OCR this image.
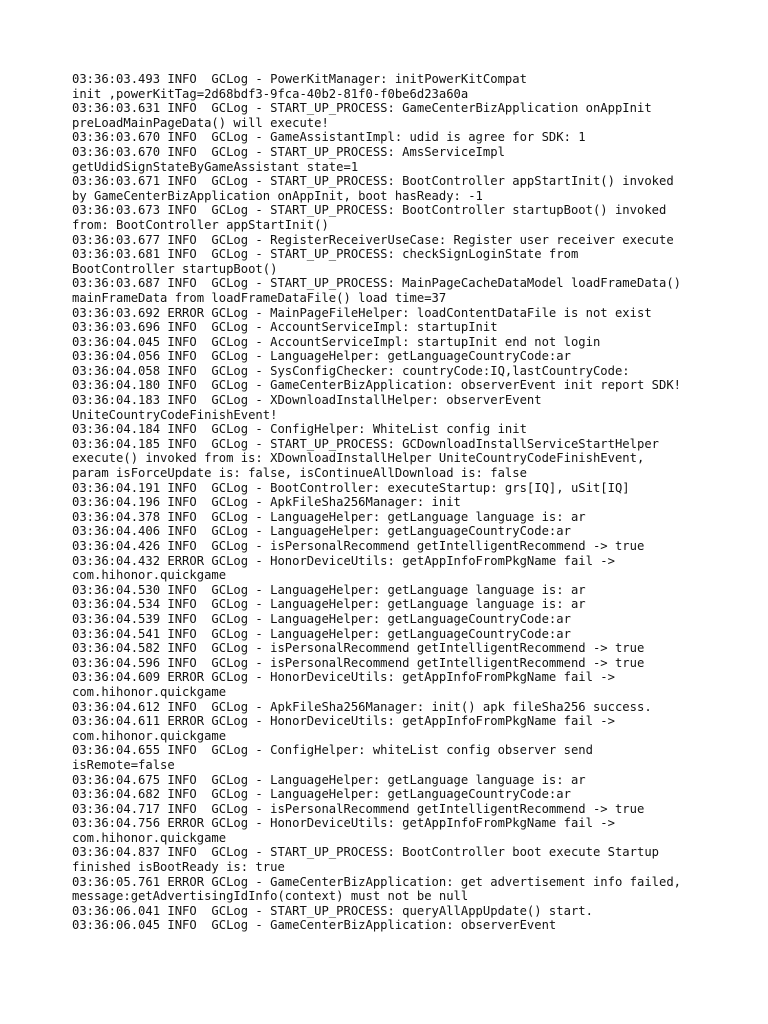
03:36:03.493 INFO  GCLog - PowerKitManager: initPowerKitCompat
init ,powerKitTag=2d68bdf3-9fca-40b2-81f0-f0be6d23a60a
03:36:03.631 INFO  GCLog - START_UP_PROCESS: GameCenterBizApplication onAppInit
preLoadMainPageData() will execute!
03:36:03.670 INFO  GCLog - GameAssistantImpl: udid is agree for SDK: 1
03:36:03.670 INFO  GCLog - START_UP_PROCESS: AmsServiceImpl
getUdidSignStateByGameAssistant state=1
03:36:03.671 INFO  GCLog - START_UP_PROCESS: BootController appStartInit() invoked
by GameCenterBizApplication onAppInit, boot hasReady: -1
03:36:03.673 INFO  GCLog - START_UP_PROCESS: BootController startupBoot() invoked
from: BootController appStartInit()
03:36:03.677 INFO  GCLog - RegisterReceiverUseCase: Register user receiver execute
03:36:03.681 INFO  GCLog - START_UP_PROCESS: checkSignLoginState from
BootController startupBoot()
03:36:03.687 INFO  GCLog - START_UP_PROCESS: MainPageCacheDataModel loadFrameData()
mainFrameData from loadFrameDataFile() load time=37
03:36:03.692 ERROR GCLog - MainPageFileHelper: loadContentDataFile is not exist
03:36:03.696 INFO  GCLog - AccountServiceImpl: startupInit
03:36:04.045 INFO  GCLog - AccountServiceImpl: startupInit end not login
03:36:04.056 INFO  GCLog - LanguageHelper: getLanguageCountryCode:ar
03:36:04.058 INFO  GCLog - SysConfigChecker: countryCode:IQ,lastCountryCode:
03:36:04.180 INFO  GCLog - GameCenterBizApplication: observerEvent init report SDK!
03:36:04.183 INFO  GCLog - XDownloadInstallHelper: observerEvent
UniteCountryCodeFinishEvent!
03:36:04.184 INFO  GCLog - ConfigHelper: WhiteList config init
03:36:04.185 INFO  GCLog - START_UP_PROCESS: GCDownloadInstallServiceStartHelper
execute() invoked from is: XDownloadInstallHelper UniteCountryCodeFinishEvent,
param isForceUpdate is: false, isContinueAllDownload is: false
03:36:04.191 INFO  GCLog - BootController: executeStartup: grs[IQ], uSit[IQ]
03:36:04.196 INFO  GCLog - ApkFileSha256Manager: init
03:36:04.378 INFO  GCLog - LanguageHelper: getLanguage language is: ar
03:36:04.406 INFO  GCLog - LanguageHelper: getLanguageCountryCode:ar
03:36:04.426 INFO  GCLog - isPersonalRecommend getIntelligentRecommend -> true
03:36:04.432 ERROR GCLog - HonorDeviceUtils: getAppInfoFromPkgName fail ->
com.hihonor.quickgame
03:36:04.530 INFO  GCLog - LanguageHelper: getLanguage language is: ar
03:36:04.534 INFO  GCLog - LanguageHelper: getLanguage language is: ar
03:36:04.539 INFO  GCLog - LanguageHelper: getLanguageCountryCode:ar
03:36:04.541 INFO  GCLog - LanguageHelper: getLanguageCountryCode:ar
03:36:04.582 INFO  GCLog - isPersonalRecommend getIntelligentRecommend -> true
03:36:04.596 INFO  GCLog - isPersonalRecommend getIntelligentRecommend -> true
03:36:04.609 ERROR GCLog - HonorDeviceUtils: getAppInfoFromPkgName fail ->
com.hihonor.quickgame
03:36:04.612 INFO  GCLog - ApkFileSha256Manager: init() apk fileSha256 success.
03:36:04.611 ERROR GCLog - HonorDeviceUtils: getAppInfoFromPkgName fail ->
com.hihonor.quickgame
03:36:04.655 INFO  GCLog - ConfigHelper: whiteList config observer send
isRemote=false
03:36:04.675 INFO  GCLog - LanguageHelper: getLanguage language is: ar
03:36:04.682 INFO  GCLog - LanguageHelper: getLanguageCountryCode:ar
03:36:04.717 INFO  GCLog - isPersonalRecommend getIntelligentRecommend -> true
03:36:04.756 ERROR GCLog - HonorDeviceUtils: getAppInfoFromPkgName fail ->
com.hihonor.quickgame
03:36:04.837 INFO  GCLog - START_UP_PROCESS: BootController boot execute Startup
finished isBootReady is: true
03:36:05.761 ERROR GCLog - GameCenterBizApplication: get advertisement info failed,
message:getAdvertisingIdInfo(context) must not be null
03:36:06.041 INFO  GCLog - START_UP_PROCESS: queryAllAppUpdate() start.
03:36:06.045 INFO  GCLog - GameCenterBizApplication: observerEvent
